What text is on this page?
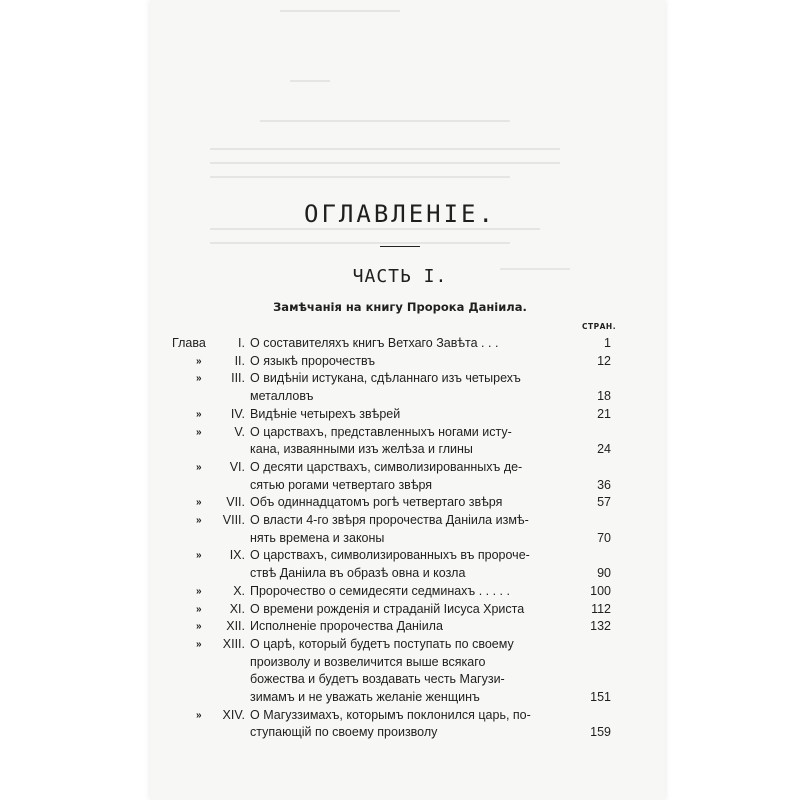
ОГЛАВЛЕНІЕ.
ЧАСТЬ I.
Замѣчанія на книгу Пророка Даніила.
СТРАН.
Глава	I. О составителяхъ книгъ Ветхаго Завѣта . . .	1
»	II. О языкѣ пророчествъ	12
» III. О видѣніи истукана, сдѣланнаго изъ четырехъ
металловъ	18
» IV. Видѣніе четырехъ звѣрей	21
»	V. О царствахъ, представленныхъ ногами исту-
кана, изваянными изъ желѣза и глины	24
» VI. О десяти царствахъ, символизированныхъ де-
сятью рогами четвертаго звѣря	36
» VII. Объ одиннадцатомъ рогѣ четвертаго звѣря	57
» VIII. О власти 4-го звѣря пророчества Даніила измѣ-
нять времена и законы	70
» IX. О царствахъ, символизированныхъ въ пророче-
ствѣ Даніила въ образѣ овна и козла	90
»	X. Пророчество о семидесяти седминахъ . . . . .	100
» XI. О времени рожденія и страданій Іисуса Христа	112
» XII. Исполненіе пророчества Даніила	132
» XIII. О царѣ, который будетъ поступать по своему
произволу и возвеличится выше всякаго
божества и будетъ воздавать честь Магузи-
зимамъ и не уважать желаніе женщинъ	151
» XIV. О Магуззимахъ, которымъ поклонился царь, по-
ступающій по своему произволу	159
